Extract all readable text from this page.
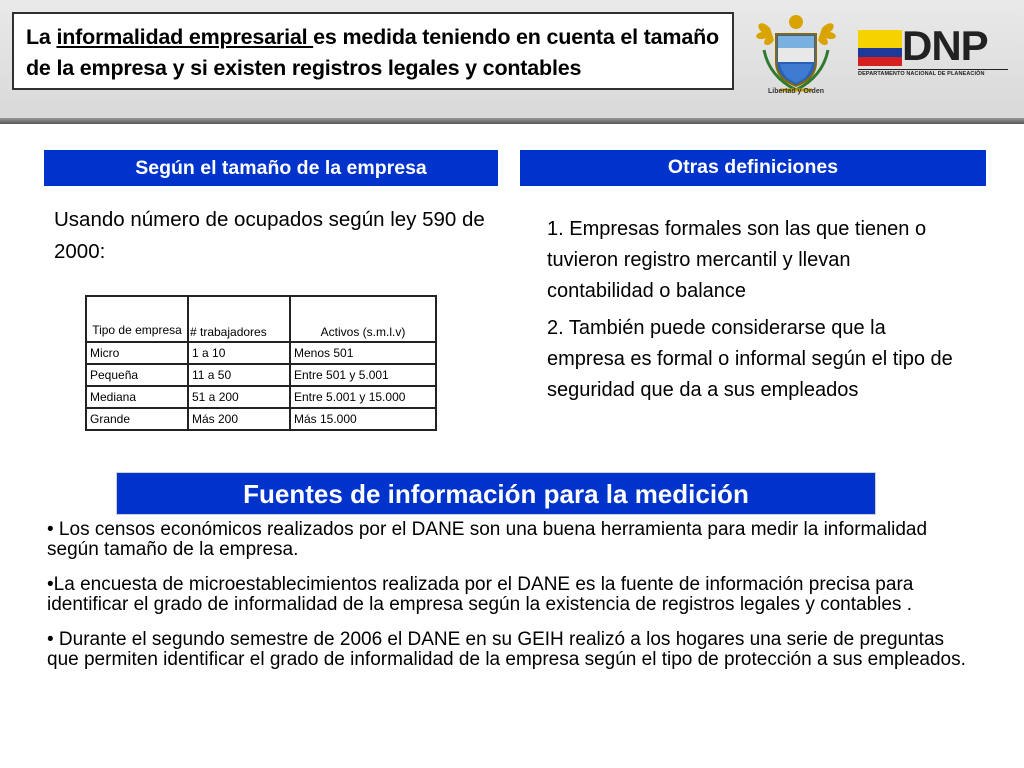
La informalidad empresarial es medida teniendo en cuenta el tamaño de la empresa y si existen registros legales y contables
Libertad y Orden
DNP
DEPARTAMENTO NACIONAL DE PLANEACIÓN
Según el tamaño de la empresa	Otras definiciones
Usando número de ocupados según ley 590 de 2000:
Tipo de empresa	# trabajadores	Activos (s.m.l.v)
Micro	1 a 10	Menos 501
Pequeña	11 a 50	Entre 501 y 5.001
Mediana	51 a 200	Entre 5.001 y 15.000
Grande	Más 200	Más 15.000

1. Empresas formales son las que tienen o tuvieron registro mercantil y llevan contabilidad o balance

2. También puede considerarse que la empresa es formal o informal según el tipo de seguridad que da a sus empleados

Fuentes de información para la medición

• Los censos económicos realizados por el DANE son una buena herramienta para medir la informalidad según tamaño de la empresa.

•La encuesta de microestablecimientos realizada por el DANE es la fuente de información precisa para identificar el grado de informalidad de la empresa según la existencia de registros legales y contables .

• Durante el segundo semestre de 2006 el DANE en su GEIH realizó a los hogares una serie de preguntas que permiten identificar el grado de informalidad de la empresa según el tipo de protección a sus empleados.
